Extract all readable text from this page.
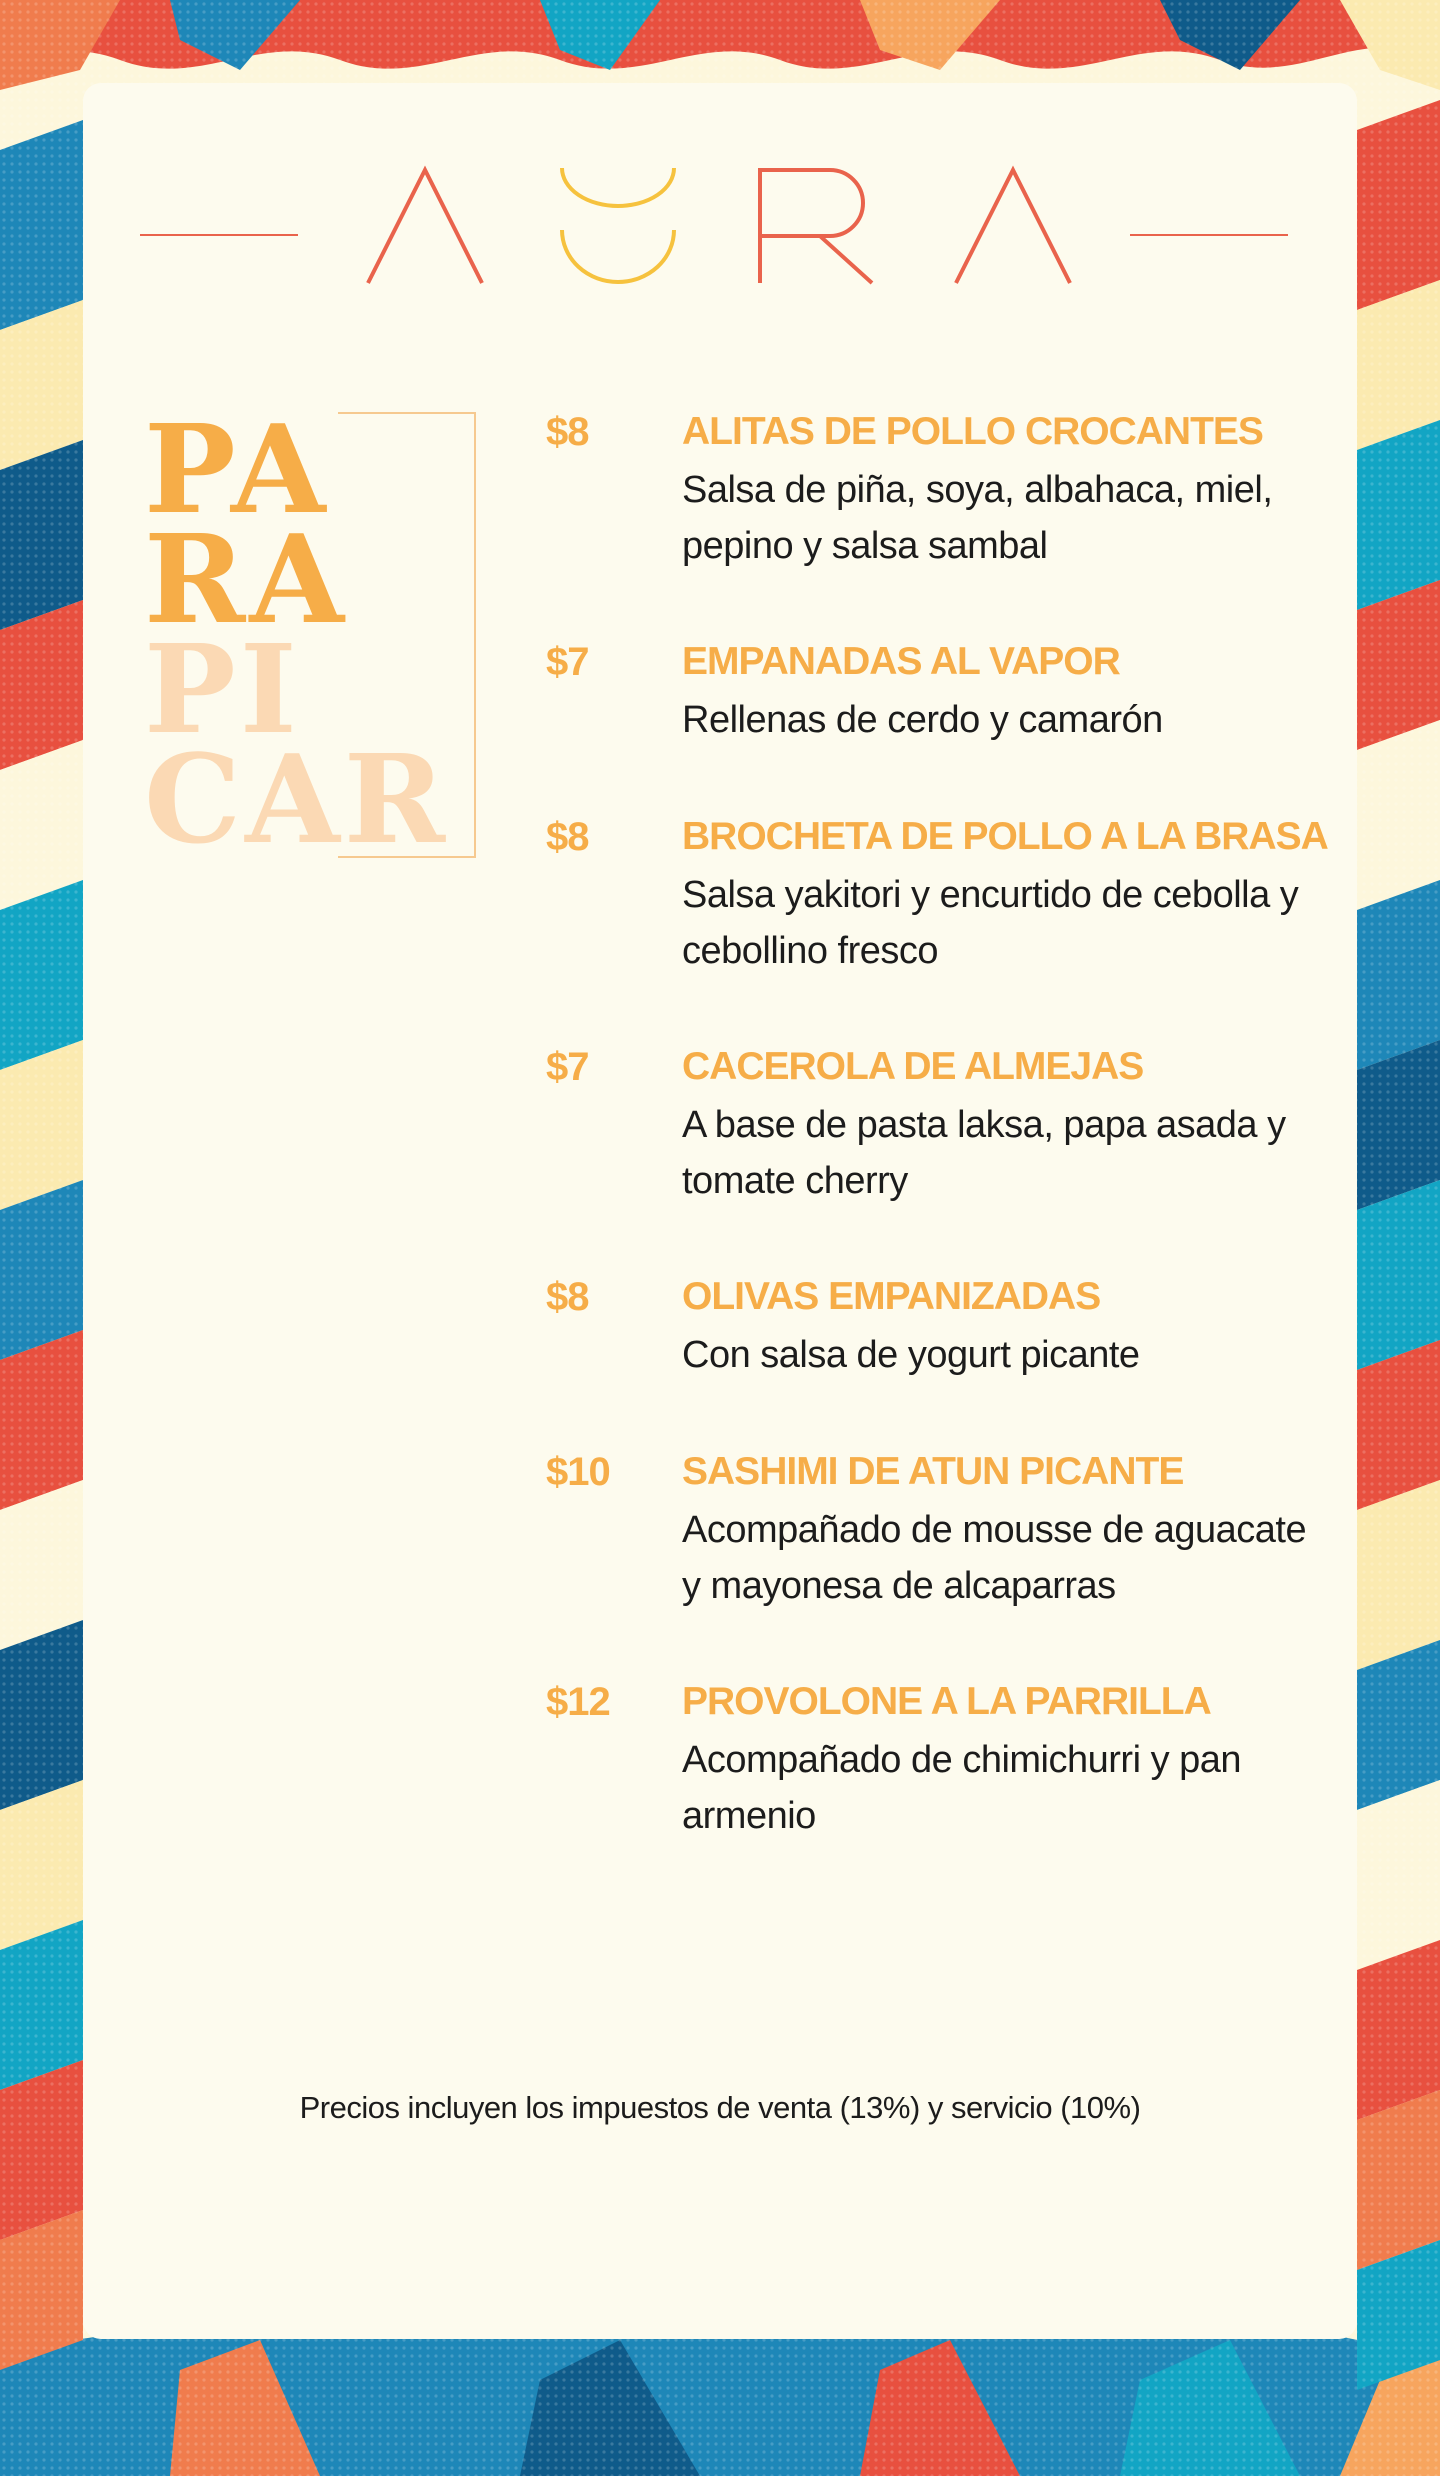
PA
RA
PI
CAR
$8 ALITAS DE POLLO CROCANTES
Salsa de piña, soya, albahaca, miel, pepino y salsa sambal
$7 EMPANADAS AL VAPOR
Rellenas de cerdo y camarón
$8 BROCHETA DE POLLO A LA BRASA
Salsa yakitori y encurtido de cebolla y cebollino fresco
$7 CACEROLA DE ALMEJAS
A base de pasta laksa, papa asada y tomate cherry
$8 OLIVAS EMPANIZADAS
Con salsa de yogurt picante
$10 SASHIMI DE ATUN PICANTE
Acompañado de mousse de aguacate y mayonesa de alcaparras
$12 PROVOLONE A LA PARRILLA
Acompañado de chimichurri y pan armenio
Precios incluyen los impuestos de venta (13%) y servicio (10%)
